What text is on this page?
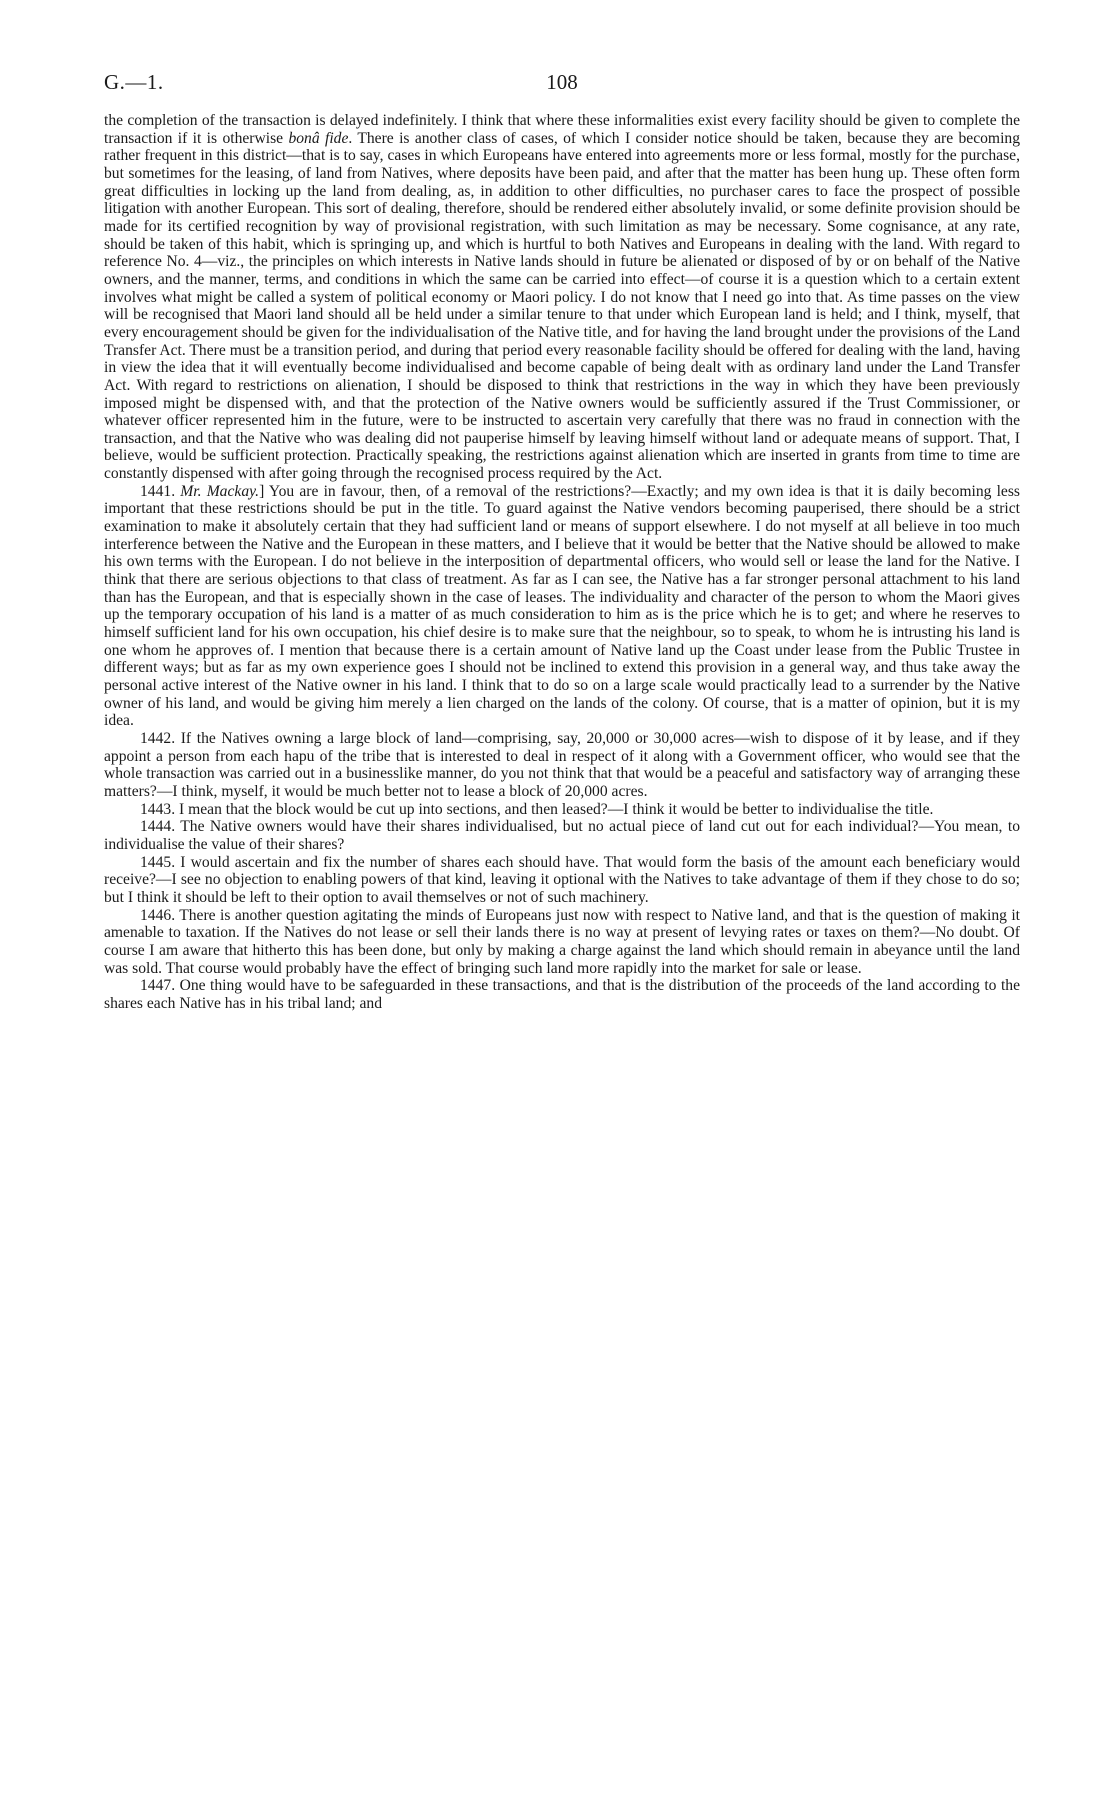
G.—1.	108

the completion of the transaction is delayed indefinitely. I think that where these informalities exist every facility should be given to complete the transaction if it is otherwise bonâ fide. There is another class of cases, of which I consider notice should be taken, because they are becoming rather frequent in this district—that is to say, cases in which Europeans have entered into agreements more or less formal, mostly for the purchase, but sometimes for the leasing, of land from Natives, where deposits have been paid, and after that the matter has been hung up. These often form great difficulties in locking up the land from dealing, as, in addition to other difficulties, no purchaser cares to face the prospect of possible litigation with another European. This sort of dealing, therefore, should be rendered either absolutely invalid, or some definite provision should be made for its certified recognition by way of provisional registration, with such limitation as may be necessary. Some cognisance, at any rate, should be taken of this habit, which is springing up, and which is hurtful to both Natives and Europeans in dealing with the land. With regard to reference No. 4—viz., the principles on which interests in Native lands should in future be alienated or disposed of by or on behalf of the Native owners, and the manner, terms, and conditions in which the same can be carried into effect—of course it is a question which to a certain extent involves what might be called a system of political economy or Maori policy. I do not know that I need go into that. As time passes on the view will be recognised that Maori land should all be held under a similar tenure to that under which European land is held; and I think, myself, that every encouragement should be given for the individualisation of the Native title, and for having the land brought under the provisions of the Land Transfer Act. There must be a transition period, and during that period every reasonable facility should be offered for dealing with the land, having in view the idea that it will eventually become individualised and become capable of being dealt with as ordinary land under the Land Transfer Act. With regard to restrictions on alienation, I should be disposed to think that restrictions in the way in which they have been previously imposed might be dispensed with, and that the protection of the Native owners would be sufficiently assured if the Trust Commissioner, or whatever officer represented him in the future, were to be instructed to ascertain very carefully that there was no fraud in connection with the transaction, and that the Native who was dealing did not pauperise himself by leaving himself without land or adequate means of support. That, I believe, would be sufficient protection. Practically speaking, the restrictions against alienation which are inserted in grants from time to time are constantly dispensed with after going through the recognised process required by the Act.

1441. Mr. Mackay.] You are in favour, then, of a removal of the restrictions?—Exactly; and my own idea is that it is daily becoming less important that these restrictions should be put in the title. To guard against the Native vendors becoming pauperised, there should be a strict examination to make it absolutely certain that they had sufficient land or means of support elsewhere. I do not myself at all believe in too much interference between the Native and the European in these matters, and I believe that it would be better that the Native should be allowed to make his own terms with the European. I do not believe in the interposition of departmental officers, who would sell or lease the land for the Native. I think that there are serious objections to that class of treatment. As far as I can see, the Native has a far stronger personal attachment to his land than has the European, and that is especially shown in the case of leases. The individuality and character of the person to whom the Maori gives up the temporary occupation of his land is a matter of as much consideration to him as is the price which he is to get; and where he reserves to himself sufficient land for his own occupation, his chief desire is to make sure that the neighbour, so to speak, to whom he is intrusting his land is one whom he approves of. I mention that because there is a certain amount of Native land up the Coast under lease from the Public Trustee in different ways; but as far as my own experience goes I should not be inclined to extend this provision in a general way, and thus take away the personal active interest of the Native owner in his land. I think that to do so on a large scale would practically lead to a surrender by the Native owner of his land, and would be giving him merely a lien charged on the lands of the colony. Of course, that is a matter of opinion, but it is my idea.

1442. If the Natives owning a large block of land—comprising, say, 20,000 or 30,000 acres—wish to dispose of it by lease, and if they appoint a person from each hapu of the tribe that is interested to deal in respect of it along with a Government officer, who would see that the whole transaction was carried out in a businesslike manner, do you not think that that would be a peaceful and satisfactory way of arranging these matters?—I think, myself, it would be much better not to lease a block of 20,000 acres.

1443. I mean that the block would be cut up into sections, and then leased?—I think it would be better to individualise the title.

1444. The Native owners would have their shares individualised, but no actual piece of land cut out for each individual?—You mean, to individualise the value of their shares?

1445. I would ascertain and fix the number of shares each should have. That would form the basis of the amount each beneficiary would receive?—I see no objection to enabling powers of that kind, leaving it optional with the Natives to take advantage of them if they chose to do so; but I think it should be left to their option to avail themselves or not of such machinery.

1446. There is another question agitating the minds of Europeans just now with respect to Native land, and that is the question of making it amenable to taxation. If the Natives do not lease or sell their lands there is no way at present of levying rates or taxes on them?—No doubt. Of course I am aware that hitherto this has been done, but only by making a charge against the land which should remain in abeyance until the land was sold. That course would probably have the effect of bringing such land more rapidly into the market for sale or lease.

1447. One thing would have to be safeguarded in these transactions, and that is the distribution of the proceeds of the land according to the shares each Native has in his tribal land; and
